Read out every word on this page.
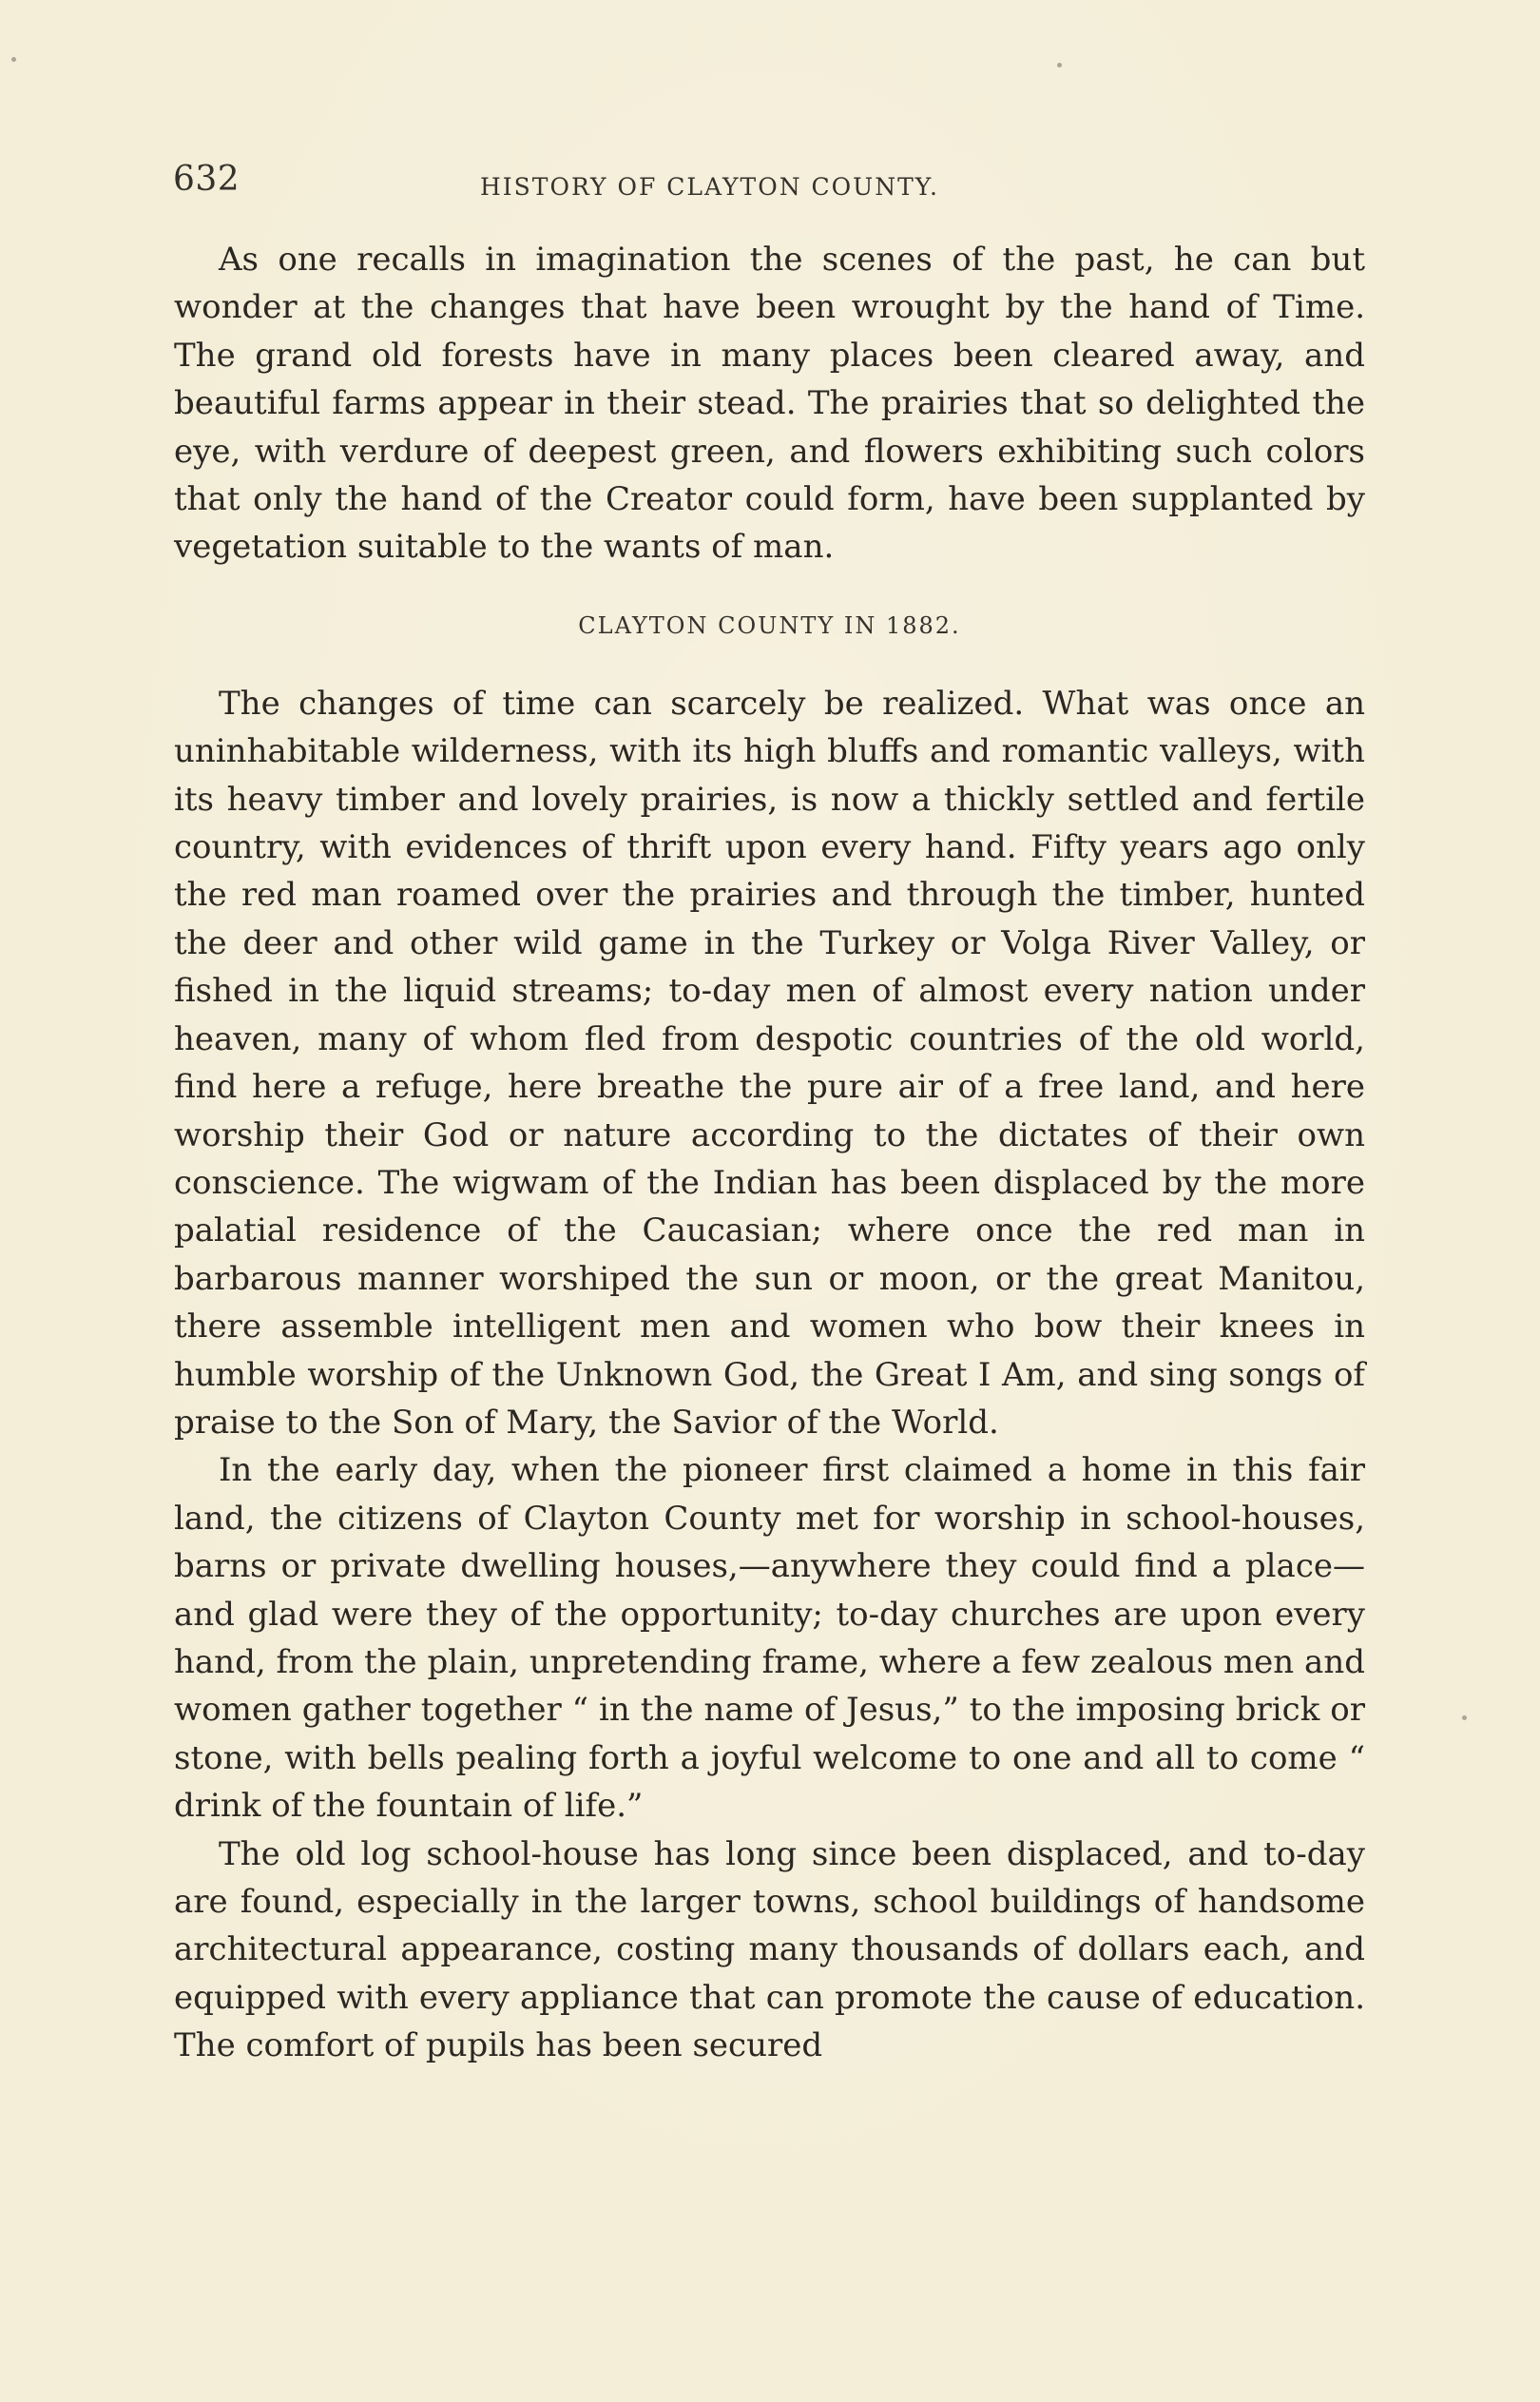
632	HISTORY OF CLAYTON COUNTY.

As one recalls in imagination the scenes of the past, he can but wonder at the changes that have been wrought by the hand of Time. The grand old forests have in many places been cleared away, and beautiful farms appear in their stead. The prairies that so delighted the eye, with verdure of deepest green, and flowers exhibiting such colors that only the hand of the Creator could form, have been supplanted by vegetation suitable to the wants of man.

CLAYTON COUNTY IN 1882.

The changes of time can scarcely be realized. What was once an uninhabitable wilderness, with its high bluffs and romantic valleys, with its heavy timber and lovely prairies, is now a thickly settled and fertile country, with evidences of thrift upon every hand. Fifty years ago only the red man roamed over the prairies and through the timber, hunted the deer and other wild game in the Turkey or Volga River Valley, or fished in the liquid streams; to-day men of almost every nation under heaven, many of whom fled from despotic countries of the old world, find here a refuge, here breathe the pure air of a free land, and here worship their God or nature according to the dictates of their own conscience. The wigwam of the Indian has been displaced by the more palatial residence of the Caucasian; where once the red man in barbarous manner worshiped the sun or moon, or the great Manitou, there assemble intelligent men and women who bow their knees in humble worship of the Unknown God, the Great I Am, and sing songs of praise to the Son of Mary, the Savior of the World.

In the early day, when the pioneer first claimed a home in this fair land, the citizens of Clayton County met for worship in school-houses, barns or private dwelling houses,—anywhere they could find a place—and glad were they of the opportunity; to-day churches are upon every hand, from the plain, unpretending frame, where a few zealous men and women gather together “ in the name of Jesus,” to the imposing brick or stone, with bells pealing forth a joyful welcome to one and all to come “ drink of the fountain of life.”

The old log school-house has long since been displaced, and to-day are found, especially in the larger towns, school buildings of handsome architectural appearance, costing many thousands of dollars each, and equipped with every appliance that can promote the cause of education. The comfort of pupils has been secured
